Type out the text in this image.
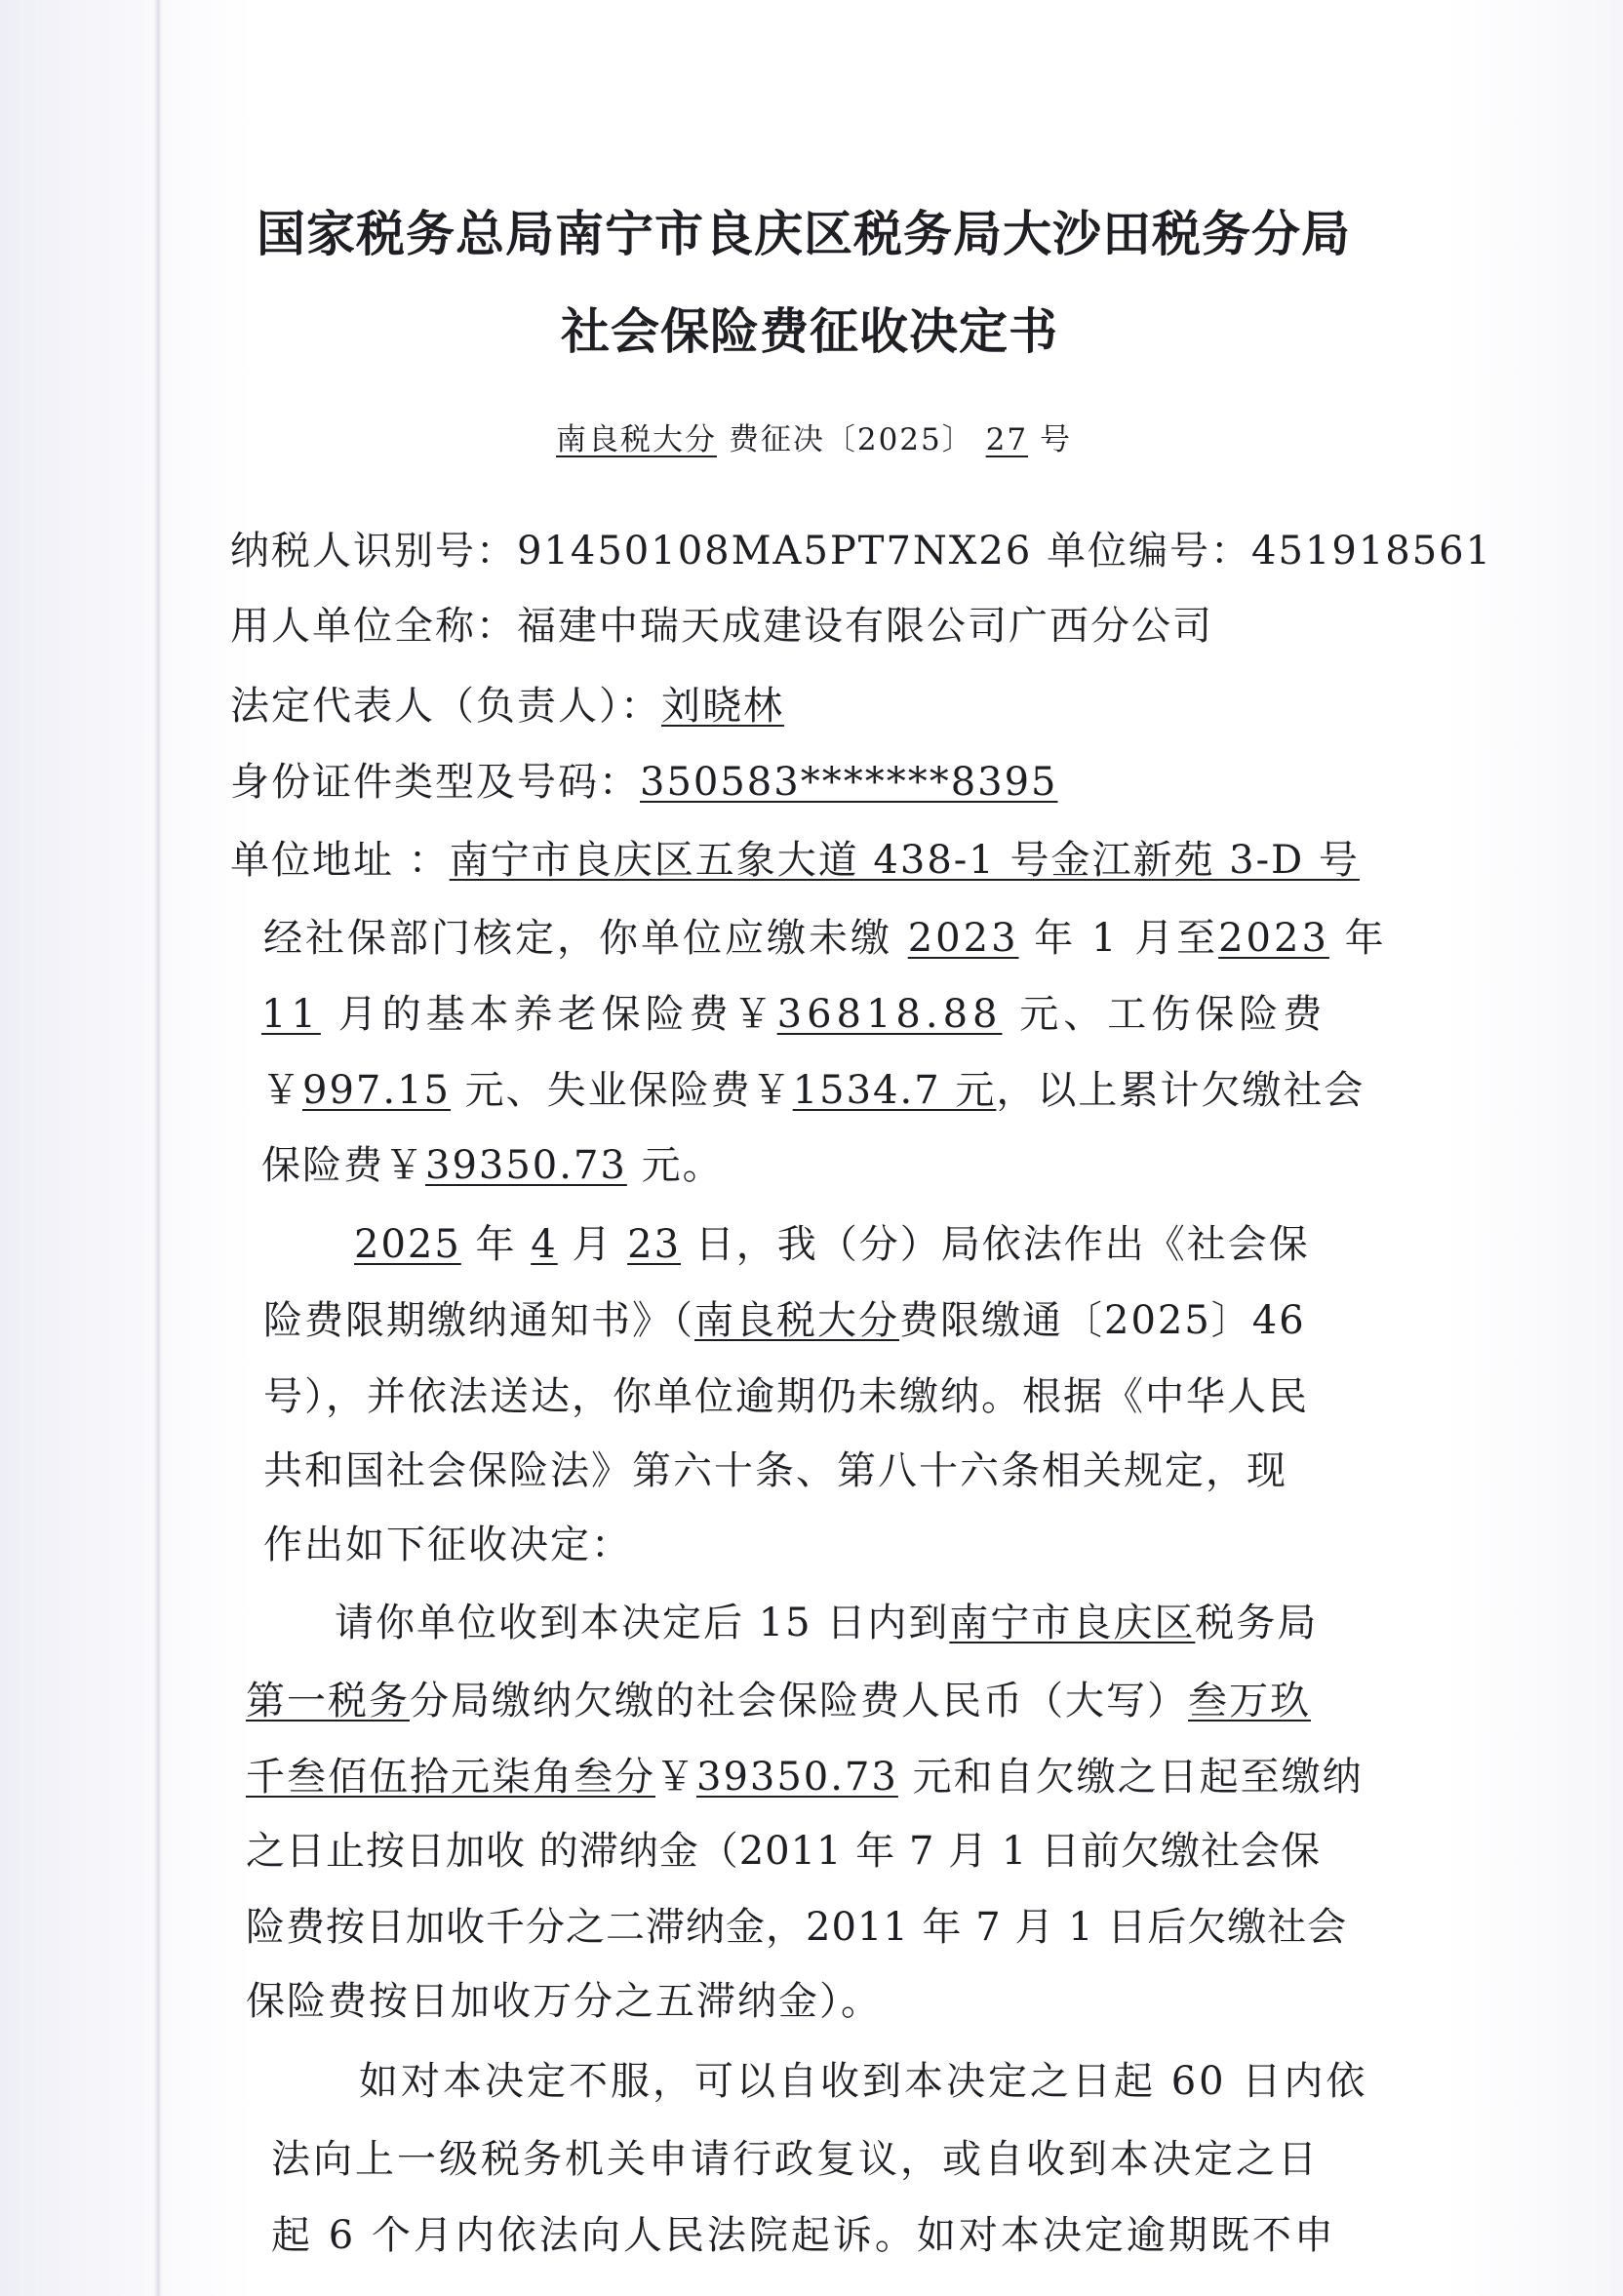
国家税务总局南宁市良庆区税务局大沙田税务分局
社会保险费征收决定书
南良税大分 费征决〔2025〕 27 号
纳税人识别号：91450108MA5PT7NX26 单位编号：451918561
用人单位全称：福建中瑞天成建设有限公司广西分公司
法定代表人（负责人）：刘晓林
身份证件类型及号码：350583*******8395
单位地址 ：南宁市良庆区五象大道 438-1 号金江新苑 3-D 号
经社保部门核定，你单位应缴未缴 2023 年 1 月至2023 年
11 月的基本养老保险费￥36818.88 元、工伤保险费
￥997.15 元、失业保险费￥1534.7 元，以上累计欠缴社会
保险费￥39350.73 元。
2025 年 4 月 23 日，我（分）局依法作出《社会保
险费限期缴纳通知书》（南良税大分费限缴通〔2025〕46
号），并依法送达，你单位逾期仍未缴纳。根据《中华人民
共和国社会保险法》第六十条、第八十六条相关规定，现
作出如下征收决定：
请你单位收到本决定后 15 日内到南宁市良庆区税务局
第一税务分局缴纳欠缴的社会保险费人民币（大写）叁万玖
千叁佰伍拾元柒角叁分￥39350.73 元和自欠缴之日起至缴纳
之日止按日加收 的滞纳金（2011 年 7 月 1 日前欠缴社会保
险费按日加收千分之二滞纳金，2011 年 7 月 1 日后欠缴社会
保险费按日加收万分之五滞纳金）。
如对本决定不服，可以自收到本决定之日起 60 日内依
法向上一级税务机关申请行政复议，或自收到本决定之日
起 6 个月内依法向人民法院起诉。如对本决定逾期既不申
